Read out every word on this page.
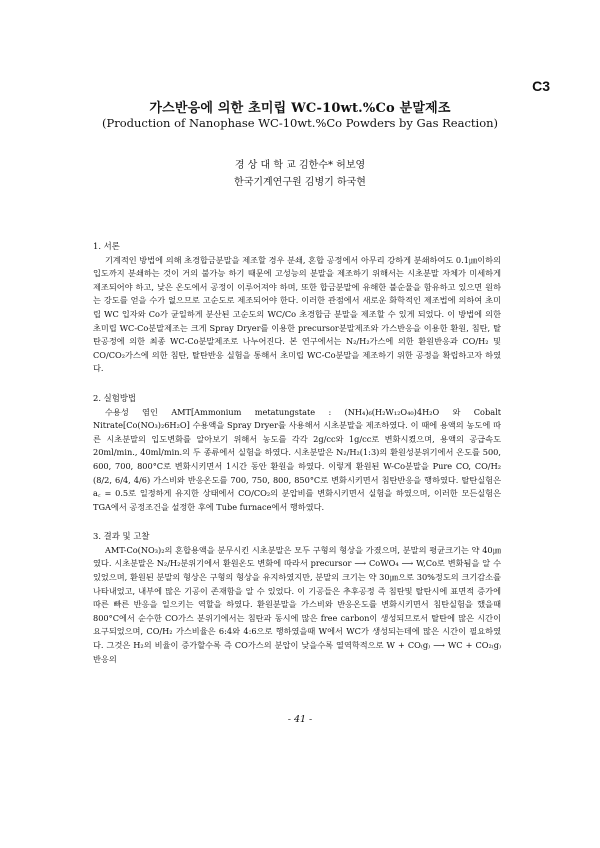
C3
가스반응에 의한 초미립 WC-10wt.%Co 분말제조
(Production of Nanophase WC-10wt.%Co Powders by Gas Reaction)
경 상 대 학 교 김한수* 허보영
한국기계연구원 김병기 하국현

1. 서론

기계적인 방법에 의해 초경합금분말을 제조할 경우 분쇄, 혼합 공정에서 아무리 강하게 분쇄하여도 0.1㎛이하의 입도까지 분쇄하는 것이 거의 불가능 하기 때문에 고성능의 분말을 제조하기 위해서는 시초분말 자체가 미세하게 제조되어야 하고, 낮은 온도에서 공정이 이루어져야 하며, 또한 합금분말에 유해한 불순물을 함유하고 있으면 원하는 강도를 얻을 수가 없으므로 고순도로 제조되어야 한다. 이러한 관점에서 새로운 화학적인 제조법에 의하여 초미립 WC 입자와 Co가 균일하게 분산된 고순도의 WC/Co 초경합금 분말을 제조할 수 있게 되었다. 이 방법에 의한 초미립 WC-Co분말제조는 크게 Spray Dryer를 이용한 precursor분말제조와 가스반응을 이용한 환원, 침탄, 탈탄공정에 의한 최종 WC-Co분말제조로 나누어진다. 본 연구에서는 N₂/H₂가스에 의한 환원반응과 CO/H₂ 및 CO/CO₂가스에 의한 침탄, 탈탄반응 실험을 통해서 초미립 WC-Co분말을 제조하기 위한 공정을 확립하고자 하였다.

2. 실험방법

수용성 염인 AMT[Ammonium metatungstate : (NH₄)₆(H₂W₁₂O₄₀)4H₂O 와 Cobalt Nitrate[Co(NO₃)₂6H₂O] 수용액을 Spray Dryer를 사용해서 시초분말을 제조하였다. 이 때에 용액의 농도에 따른 시초분말의 입도변화를 알아보기 위해서 농도를 각각 2g/cc와 1g/cc로 변화시켰으며, 용액의 공급속도 20ml/min., 40ml/min.의 두 종류에서 실험을 하였다. 시초분말은 N₂/H₂(1:3)의 환원성분위기에서 온도를 500, 600, 700, 800°C로 변화시키면서 1시간 동안 환원을 하였다. 이렇게 환원된 W-Co분말을 Pure CO, CO/H₂ (8/2, 6/4, 4/6) 가스비와 반응온도를 700, 750, 800, 850°C로 변화시키면서 침탄반응을 행하였다. 탈탄실험은 a꜀ = 0.5로 일정하게 유지한 상태에서 CO/CO₂의 분압비를 변화시키면서 실험을 하였으며, 이러한 모든실험은 TGA에서 공정조건을 설정한 후에 Tube furnace에서 행하였다.

3. 결과 및 고찰

AMT-Co(NO₃)₂의 혼합용액을 분무시킨 시초분말은 모두 구형의 형상을 가졌으며, 분말의 평균크기는 약 40㎛였다. 시초분말은 N₂/H₂분위기에서 환원온도 변화에 따라서 precursor ⟶ CoWO₄ ⟶ W,Co로 변화됨을 알 수 있었으며, 환원된 분말의 형상은 구형의 형상을 유지하였지만, 분말의 크기는 약 30㎛으로 30%정도의 크기감소를 나타내었고, 내부에 많은 기공이 존재함을 알 수 있었다. 이 기공들은 추후공정 즉 침탄및 탈탄시에 표면적 증가에 따른 빠른 반응을 일으키는 역할을 하였다. 환원분말을 가스비와 반응온도를 변화시키면서 침탄실험을 했을때 800°C에서 순수한 CO가스 분위기에서는 침탄과 동시에 많은 free carbon이 생성되므로서 탈탄에 많은 시간이 요구되었으며, CO/H₂ 가스비율은 6:4와 4:6으로 행하였을때 W에서 WC가 생성되는데에 많은 시간이 필요하였다. 그것은 H₂의 비율이 증가할수록 즉 CO가스의 분압이 낮을수록 열역학적으로 W + CO₍g₎ ⟶ WC + CO₂₍g₎반응의

- 41 -
